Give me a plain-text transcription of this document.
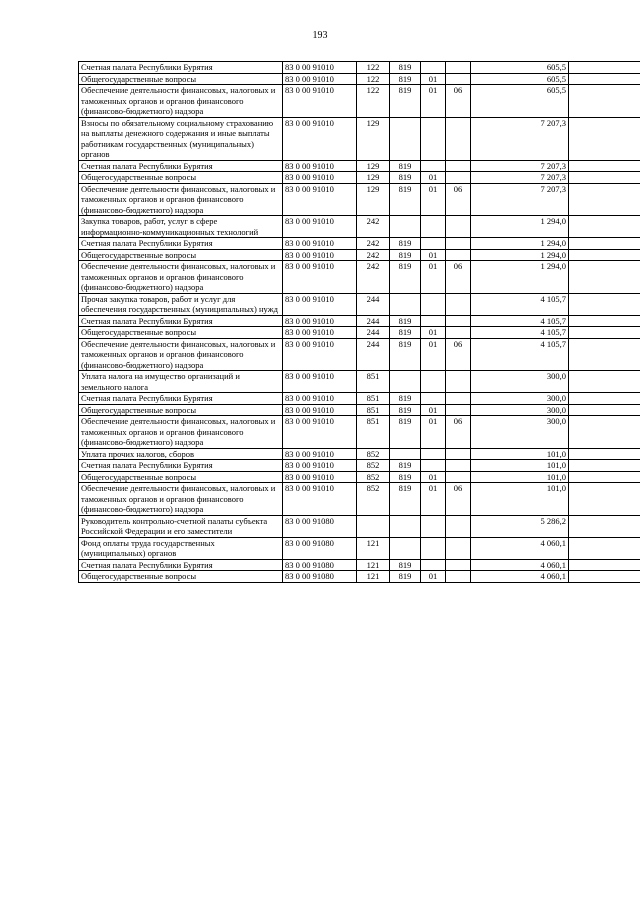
193
Счетная палата Республики Бурятия	83 0 00 91010	122	819			605,5	
Общегосударственные вопросы	83 0 00 91010	122	819	01		605,5	
Обеспечение деятельности финансовых, налоговых и таможенных органов и органов финансового (финансово-бюджетного) надзора	83 0 00 91010	122	819	01	06	605,5	
Взносы по обязательному социальному страхованию на выплаты денежного содержания и иные выплаты работникам государственных (муниципальных) органов	83 0 00 91010	129				7 207,3	
Счетная палата Республики Бурятия	83 0 00 91010	129	819			7 207,3	
Общегосударственные вопросы	83 0 00 91010	129	819	01		7 207,3	
Обеспечение деятельности финансовых, налоговых и таможенных органов и органов финансового (финансово-бюджетного) надзора	83 0 00 91010	129	819	01	06	7 207,3	
Закупка товаров, работ, услуг в сфере информационно-коммуникационных технологий	83 0 00 91010	242				1 294,0	
Счетная палата Республики Бурятия	83 0 00 91010	242	819			1 294,0	
Общегосударственные вопросы	83 0 00 91010	242	819	01		1 294,0	
Обеспечение деятельности финансовых, налоговых и таможенных органов и органов финансового (финансово-бюджетного) надзора	83 0 00 91010	242	819	01	06	1 294,0	
Прочая закупка товаров, работ и услуг для обеспечения государственных (муниципальных) нужд	83 0 00 91010	244				4 105,7	
Счетная палата Республики Бурятия	83 0 00 91010	244	819			4 105,7	
Общегосударственные вопросы	83 0 00 91010	244	819	01		4 105,7	
Обеспечение деятельности финансовых, налоговых и таможенных органов и органов финансового (финансово-бюджетного) надзора	83 0 00 91010	244	819	01	06	4 105,7	
Уплата налога на имущество организаций и земельного налога	83 0 00 91010	851				300,0	
Счетная палата Республики Бурятия	83 0 00 91010	851	819			300,0	
Общегосударственные вопросы	83 0 00 91010	851	819	01		300,0	
Обеспечение деятельности финансовых, налоговых и таможенных органов и органов финансового (финансово-бюджетного) надзора	83 0 00 91010	851	819	01	06	300,0	
Уплата прочих налогов, сборов	83 0 00 91010	852				101,0	
Счетная палата Республики Бурятия	83 0 00 91010	852	819			101,0	
Общегосударственные вопросы	83 0 00 91010	852	819	01		101,0	
Обеспечение деятельности финансовых, налоговых и таможенных органов и органов финансового (финансово-бюджетного) надзора	83 0 00 91010	852	819	01	06	101,0	
Руководитель контрольно-счетной палаты субъекта Российской Федерации и его заместители	83 0 00 91080					5 286,2	
Фонд оплаты труда государственных (муниципальных) органов	83 0 00 91080	121				4 060,1	
Счетная палата Республики Бурятия	83 0 00 91080	121	819			4 060,1	
Общегосударственные вопросы	83 0 00 91080	121	819	01		4 060,1	
